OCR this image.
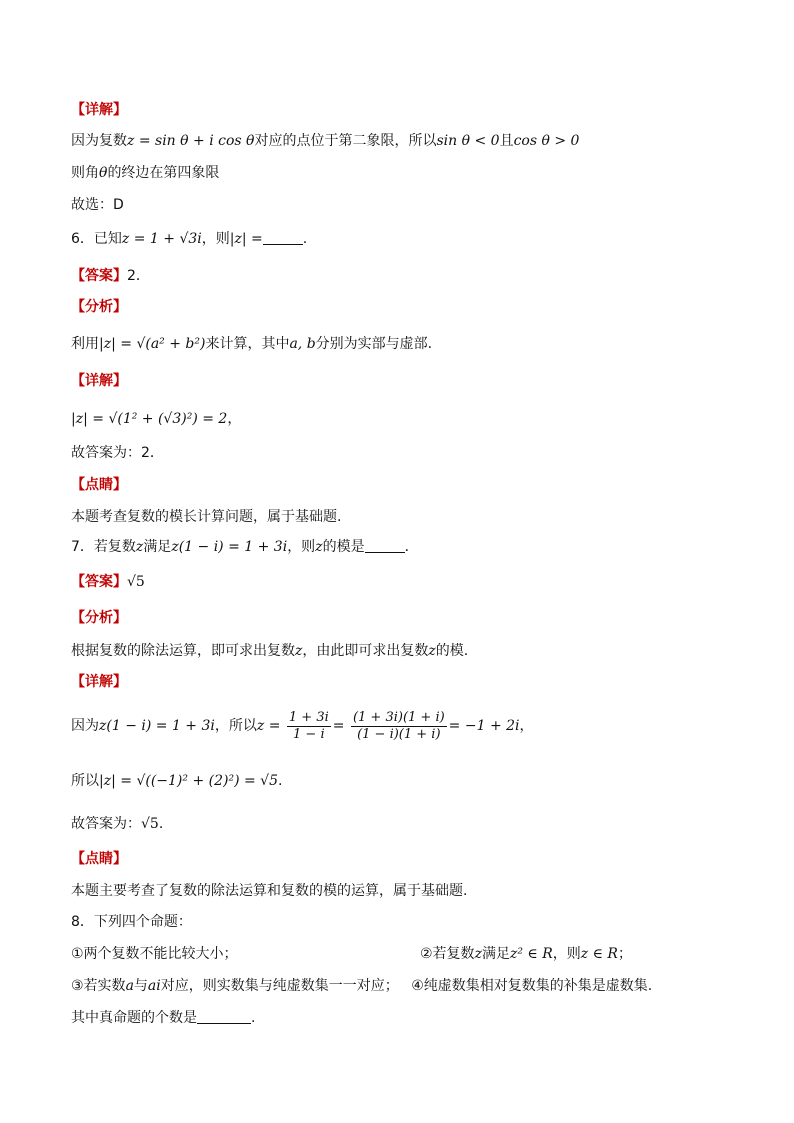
【详解】
因为复数z = sin θ + i cos θ对应的点位于第二象限，所以sin θ < 0且cos θ > 0
则角θ的终边在第四象限
故选：D
6．已知z = 1 + √3i，则|z| =	.
【答案】2．
【分析】
利用|z| = √(a² + b²)来计算，其中a, b分别为实部与虚部.
【详解】
|z| = √(1² + (√3)²) = 2，
故答案为：2．
【点睛】
本题考查复数的模长计算问题，属于基础题.
7．若复数z满足z(1 − i) = 1 + 3i，则z的模是	．
【答案】√5
【分析】
根据复数的除法运算，即可求出复数z，由此即可求出复数z的模.
【详解】
因为z(1 − i) = 1 + 3i，所以$z = \frac{1 + 3i}{1 - i} = \frac{(1 + 3i)(1 + i)}{(1 - i)(1 + i)} = -1 + 2i$，
所以|z| = √((−1)² + (2)²) = √5.
故答案为：√5.
【点睛】
本题主要考查了复数的除法运算和复数的模的运算，属于基础题.
8．下列四个命题：
①两个复数不能比较大小；	②若复数z满足z² ∈ R，则z ∈ R；
③若实数a与ai对应，则实数集与纯虚数集一一对应； ④纯虚数集相对复数集的补集是虚数集.
其中真命题的个数是	.
